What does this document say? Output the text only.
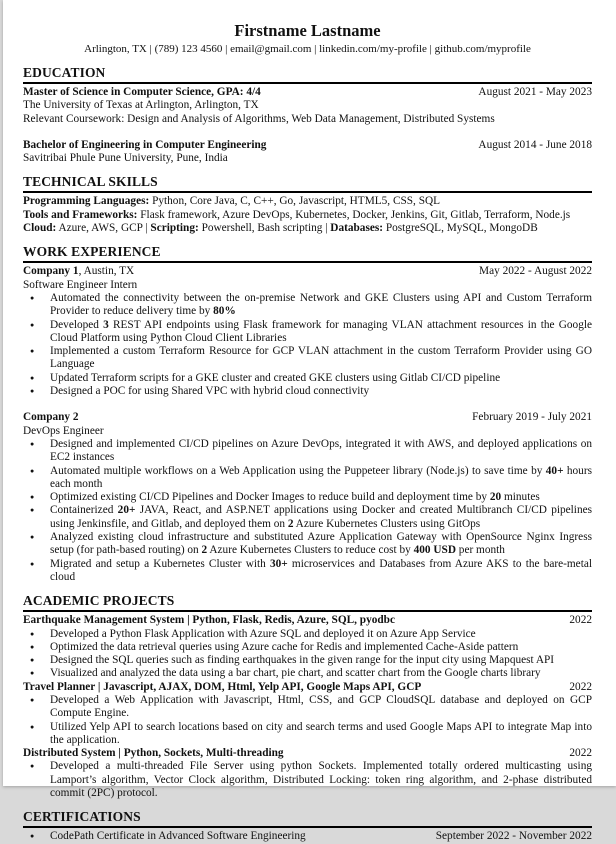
Firstname Lastname
Arlington, TX | (789) 123 4560 | email@gmail.com | linkedin.com/my-profile | github.com/myprofile
EDUCATION
Master of Science in Computer Science, GPA: 4/4	August 2021 - May 2023
The University of Texas at Arlington, Arlington, TX
Relevant Coursework: Design and Analysis of Algorithms, Web Data Management, Distributed Systems
Bachelor of Engineering in Computer Engineering	August 2014 - June 2018
Savitribai Phule Pune University, Pune, India
TECHNICAL SKILLS
Programming Languages: Python, Core Java, C, C++, Go, Javascript, HTML5, CSS, SQL
Tools and Frameworks: Flask framework, Azure DevOps, Kubernetes, Docker, Jenkins, Git, Gitlab, Terraform, Node.js
Cloud: Azure, AWS, GCP | Scripting: Powershell, Bash scripting | Databases: PostgreSQL, MySQL, MongoDB
WORK EXPERIENCE
Company 1, Austin, TX	May 2022 - August 2022
Software Engineer Intern
● Automated the connectivity between the on-premise Network and GKE Clusters using API and Custom Terraform Provider to reduce delivery time by 80%
● Developed 3 REST API endpoints using Flask framework for managing VLAN attachment resources in the Google Cloud Platform using Python Cloud Client Libraries
● Implemented a custom Terraform Resource for GCP VLAN attachment in the custom Terraform Provider using GO Language
● Updated Terraform scripts for a GKE cluster and created GKE clusters using Gitlab CI/CD pipeline
● Designed a POC for using Shared VPC with hybrid cloud connectivity
Company 2	February 2019 - July 2021
DevOps Engineer
● Designed and implemented CI/CD pipelines on Azure DevOps, integrated it with AWS, and deployed applications on EC2 instances
● Automated multiple workflows on a Web Application using the Puppeteer library (Node.js) to save time by 40+ hours each month
● Optimized existing CI/CD Pipelines and Docker Images to reduce build and deployment time by 20 minutes
● Containerized 20+ JAVA, React, and ASP.NET applications using Docker and created Multibranch CI/CD pipelines using Jenkinsfile, and Gitlab, and deployed them on 2 Azure Kubernetes Clusters using GitOps
● Analyzed existing cloud infrastructure and substituted Azure Application Gateway with OpenSource Nginx Ingress setup (for path-based routing) on 2 Azure Kubernetes Clusters to reduce cost by 400 USD per month
● Migrated and setup a Kubernetes Cluster with 30+ microservices and Databases from Azure AKS to the bare-metal cloud
ACADEMIC PROJECTS
Earthquake Management System | Python, Flask, Redis, Azure, SQL, pyodbc	2022
● Developed a Python Flask Application with Azure SQL and deployed it on Azure App Service
● Optimized the data retrieval queries using Azure cache for Redis and implemented Cache-Aside pattern
● Designed the SQL queries such as finding earthquakes in the given range for the input city using Mapquest API
● Visualized and analyzed the data using a bar chart, pie chart, and scatter chart from the Google charts library
Travel Planner | Javascript, AJAX, DOM, Html, Yelp API, Google Maps API, GCP	2022
● Developed a Web Application with Javascript, Html, CSS, and GCP CloudSQL database and deployed on GCP Compute Engine.
● Utilized Yelp API to search locations based on city and search terms and used Google Maps API to integrate Map into the application.
Distributed System | Python, Sockets, Multi-threading	2022
● Developed a multi-threaded File Server using python Sockets. Implemented totally ordered multicasting using Lamport’s algorithm, Vector Clock algorithm, Distributed Locking: token ring algorithm, and 2-phase distributed commit (2PC) protocol.
CERTIFICATIONS
● CodePath Certificate in Advanced Software Engineering	September 2022 - November 2022
